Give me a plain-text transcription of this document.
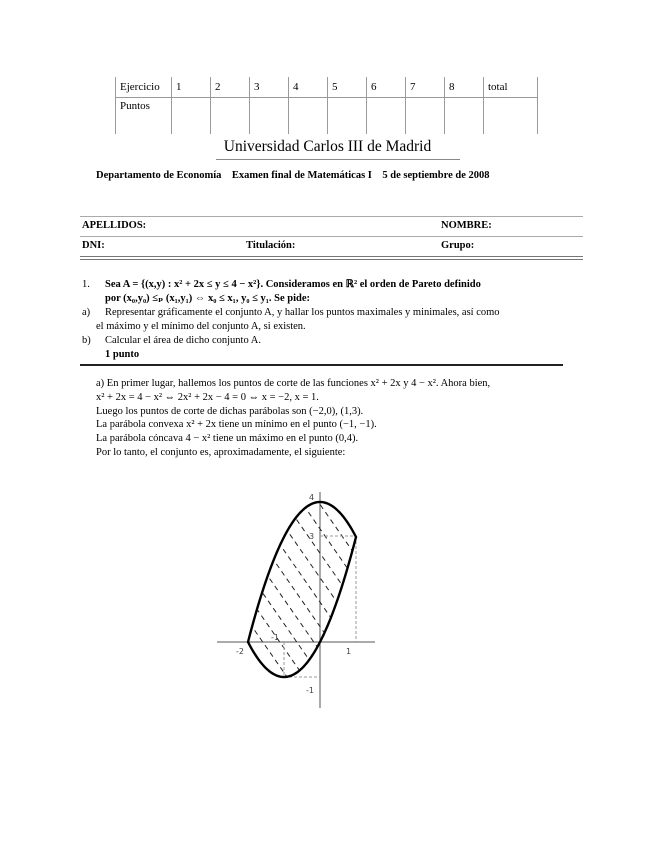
Ejercicio	1	2	3	4	5	6	7	8	total
Puntos									
Universidad Carlos III de Madrid
Departamento de Economía Examen final de Matemáticas I 5 de septiembre de 2008
APELLIDOS:	NOMBRE:
DNI:	Titulación:	Grupo:
1. Sea A = {(x,y) : x² + 2x ≤ y ≤ 4 − x²}. Consideramos en ℝ² el orden de Pareto definido
por (x₀,y₀) ≤ₚ (x₁,y₁) ⇔ x₀ ≤ x₁, y₀ ≤ y₁. Se pide:
a) Representar gráficamente el conjunto A, y hallar los puntos maximales y minimales, así como
el máximo y el mínimo del conjunto A, si existen.
b) Calcular el área de dicho conjunto A.
1 punto
a) En primer lugar, hallemos los puntos de corte de las funciones x² + 2x y 4 − x². Ahora bien,
x² + 2x = 4 − x² ⇔ 2x² + 2x − 4 = 0 ⇔ x = −2, x = 1.
Luego los puntos de corte de dichas parábolas son (−2,0), (1,3).
La parábola convexa x² + 2x tiene un mínimo en el punto (−1, −1).
La parábola cóncava 4 − x² tiene un máximo en el punto (0,4).
Por lo tanto, el conjunto es, aproximadamente, el siguiente:
4
3
-2
-1
1
-1
